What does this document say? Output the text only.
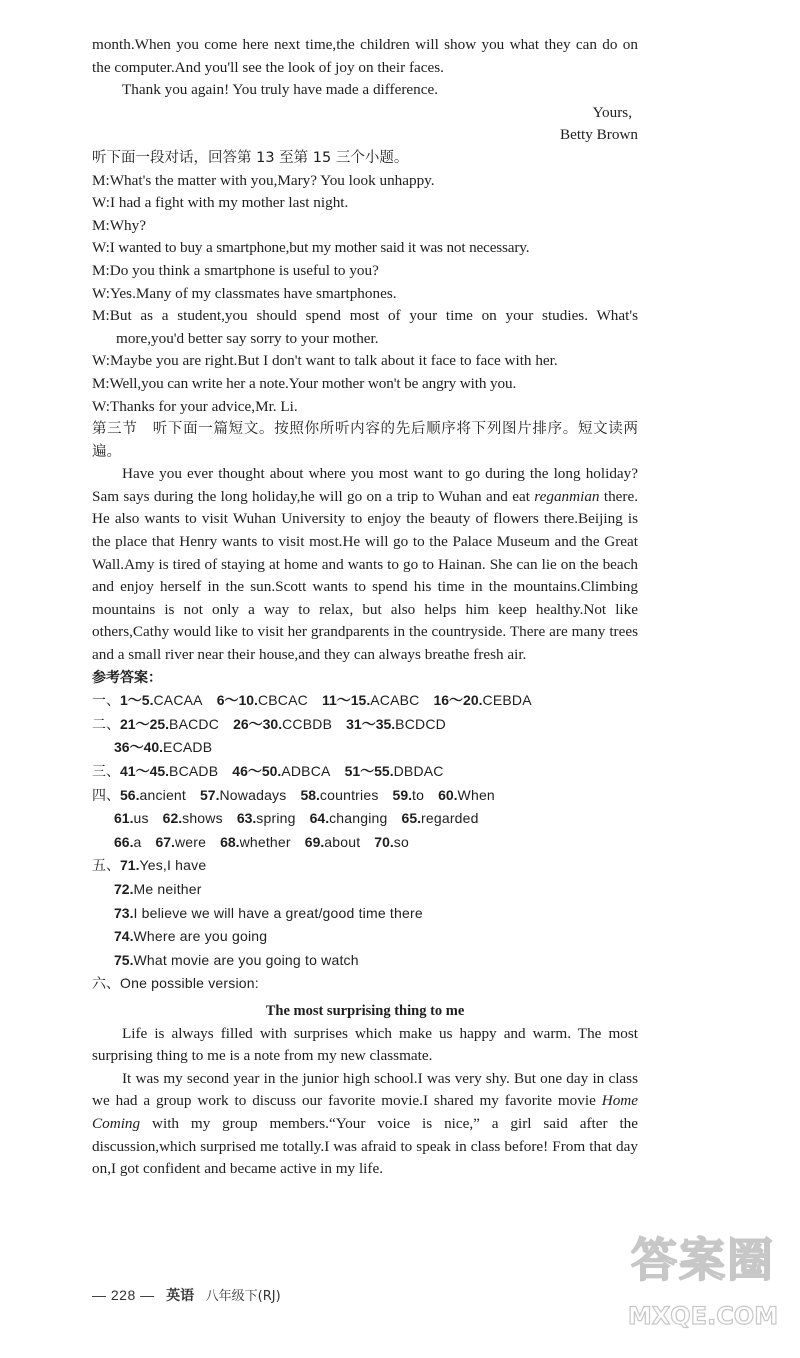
month.When you come here next time,the children will show you what they can do on the computer.And you'll see the look of joy on their faces.

Thank you again! You truly have made a difference.

Yours,

Betty Brown

听下面一段对话，回答第 13 至第 15 三个小题。

M:What's the matter with you,Mary? You look unhappy.

W:I had a fight with my mother last night.

M:Why?

W:I wanted to buy a smartphone,but my mother said it was not necessary.

M:Do you think a smartphone is useful to you?

W:Yes.Many of my classmates have smartphones.

M:But as a student,you should spend most of your time on your studies. What's more,you'd better say sorry to your mother.

W:Maybe you are right.But I don't want to talk about it face to face with her.

M:Well,you can write her a note.Your mother won't be angry with you.

W:Thanks for your advice,Mr. Li.

第三节　听下面一篇短文。按照你所听内容的先后顺序将下列图片排序。短文读两遍。

Have you ever thought about where you most want to go during the long holiday? Sam says during the long holiday,he will go on a trip to Wuhan and eat reganmian there. He also wants to visit Wuhan University to enjoy the beauty of flowers there.Beijing is the place that Henry wants to visit most.He will go to the Palace Museum and the Great Wall.Amy is tired of staying at home and wants to go to Hainan. She can lie on the beach and enjoy herself in the sun.Scott wants to spend his time in the mountains.Climbing mountains is not only a way to relax, but also helps him keep healthy.Not like others,Cathy would like to visit her grandparents in the countryside. There are many trees and a small river near their house,and they can always breathe fresh air.

参考答案：

一、1～5.CACAA 6～10.CBCAC 11～15.ACABC 16～20.CEBDA

二、21～25.BACDC 26～30.CCBDB 31～35.BCDCD

36～40.ECADB

三、41～45.BCADB 46～50.ADBCA 51～55.DBDAC

四、56.ancient 57.Nowadays 58.countries 59.to 60.When

61.us 62.shows 63.spring 64.changing 65.regarded

66.a 67.were 68.whether 69.about 70.so

五、71.Yes,I have

72.Me neither

73.I believe we will have a great/good time there

74.Where are you going

75.What movie are you going to watch

六、One possible version:

The most surprising thing to me

Life is always filled with surprises which make us happy and warm. The most surprising thing to me is a note from my new classmate.

It was my second year in the junior high school.I was very shy. But one day in class we had a group work to discuss our favorite movie.I shared my favorite movie Home Coming with my group members.“Your voice is nice,” a girl said after the discussion,which surprised me totally.I was afraid to speak in class before! From that day on,I got confident and became active in my life.

— 228 — 英语 八年级下(RJ)
答案圈
MXQE.COM
